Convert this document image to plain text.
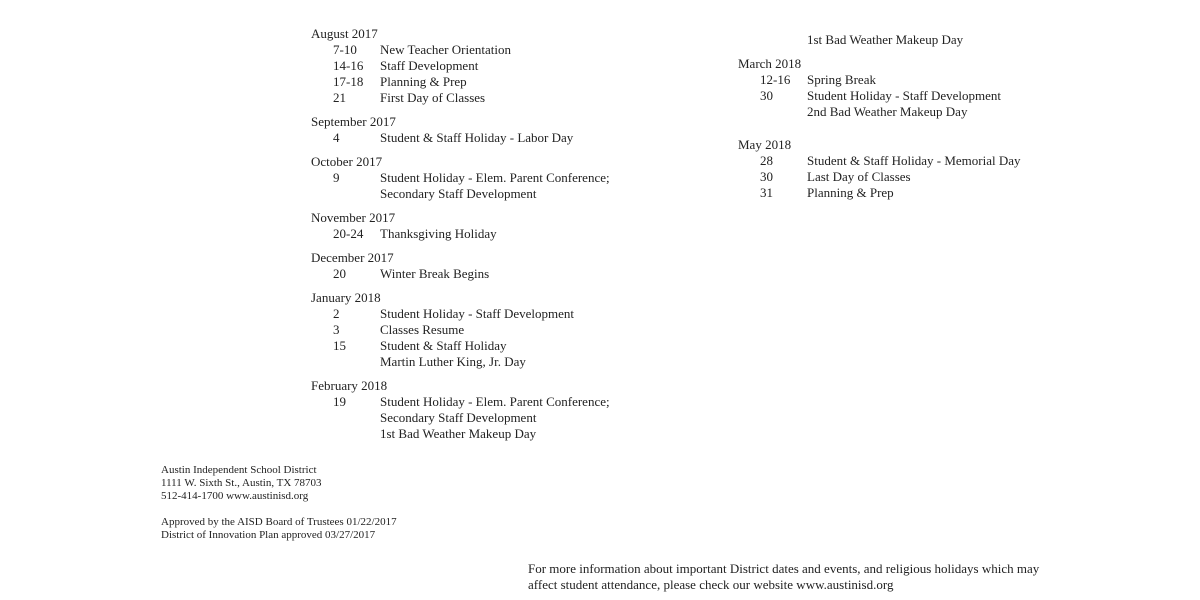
August 2017
7-10	New Teacher Orientation
14-16	Staff Development
17-18	Planning & Prep
21	First Day of Classes
September 2017
4	Student & Staff Holiday - Labor Day
October 2017
9	Student Holiday - Elem. Parent Conference;
Secondary Staff Development
November 2017
20-24	Thanksgiving Holiday
December 2017
20	Winter Break Begins
January 2018
2	Student Holiday - Staff Development
3	Classes Resume
15	Student & Staff Holiday
Martin Luther King, Jr. Day
February 2018
19	Student Holiday - Elem. Parent Conference;
Secondary Staff Development
1st Bad Weather Makeup Day
1st Bad Weather Makeup Day
March 2018
12-16	Spring Break
30	Student Holiday - Staff Development
2nd Bad Weather Makeup Day
May 2018
28	Student & Staff Holiday - Memorial Day
30	Last Day of Classes
31	Planning & Prep
Austin Independent School District
1111 W. Sixth St., Austin, TX 78703
512-414-1700 www.austinisd.org
Approved by the AISD Board of Trustees 01/22/2017
District of Innovation Plan approved 03/27/2017
For more information about important District dates and events, and religious holidays which may
affect student attendance, please check our website www.austinisd.org
